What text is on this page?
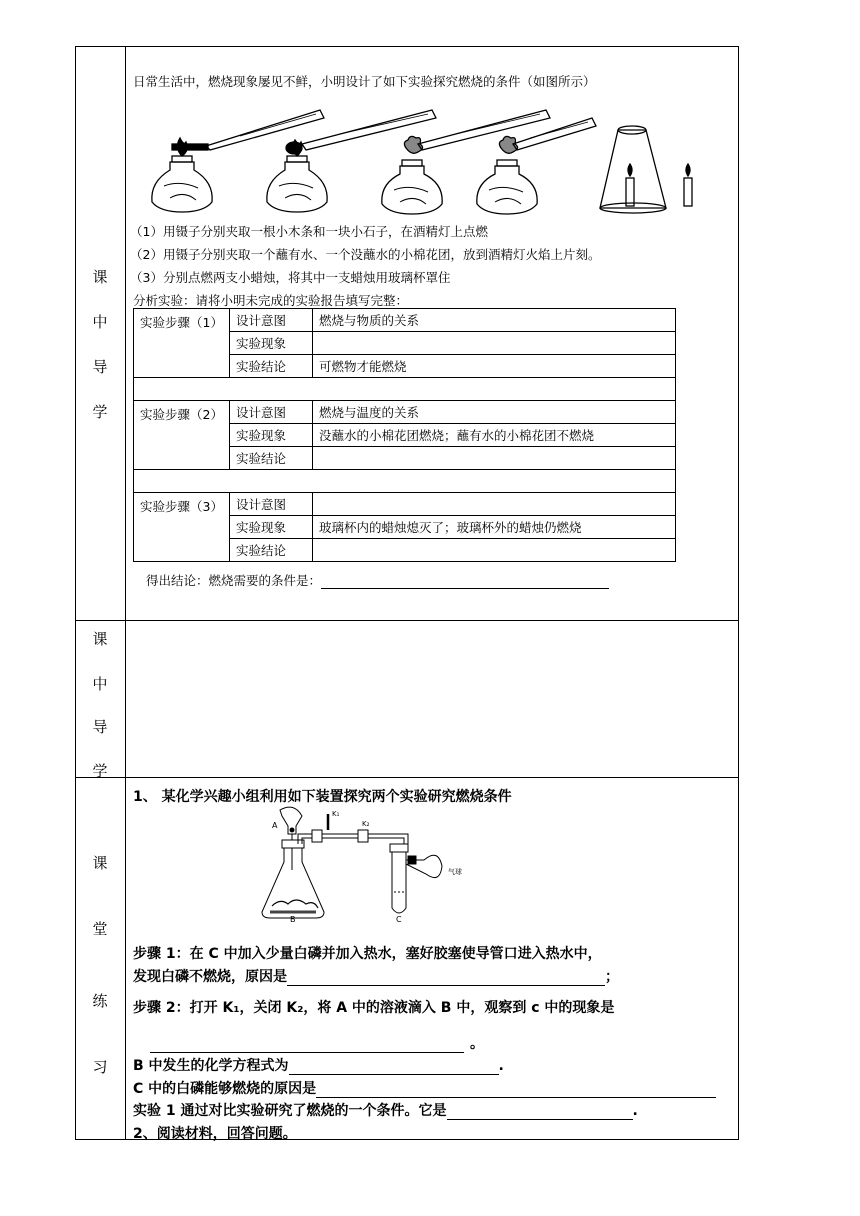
课
中
导
学
课
中
导
学
课
堂
练
习
日常生活中，燃烧现象屡见不鲜，小明设计了如下实验探究燃烧的条件（如图所示）
（1）用镊子分别夹取一根小木条和一块小石子，在酒精灯上点燃
（2）用镊子分别夹取一个蘸有水、一个没蘸水的小棉花团，放到酒精灯火焰上片刻。
（3）分别点燃两支小蜡烛，将其中一支蜡烛用玻璃杯罩住
分析实验：请将小明未完成的实验报告填写完整：
实验步骤（1）	设计意图	燃烧与物质的关系
	实验现象	
	实验结论	可燃物才能燃烧

实验步骤（2）	设计意图	燃烧与温度的关系
	实验现象	没蘸水的小棉花团燃烧；蘸有水的小棉花团不燃烧
	实验结论	

实验步骤（3）	设计意图	
	实验现象	玻璃杯内的蜡烛熄灭了；玻璃杯外的蜡烛仍燃烧
	实验结论	
得出结论：燃烧需要的条件是：
1、 某化学兴趣小组利用如下装置探究两个实验研究燃烧条件
A
K₁
K₂
B	C
气球
步骤 1：在 C 中加入少量白磷并加入热水，塞好胶塞使导管口进入热水中，
发现白磷不燃烧，原因是	；
步骤 2：打开 K₁，关闭 K₂，将 A 中的溶液滴入 B 中，观察到 c 中的现象是
。
B 中发生的化学方程式为	.
C 中的白磷能够燃烧的原因是
实验 1 通过对比实验研究了燃烧的一个条件。它是	.
2、阅读材料，回答问题。
